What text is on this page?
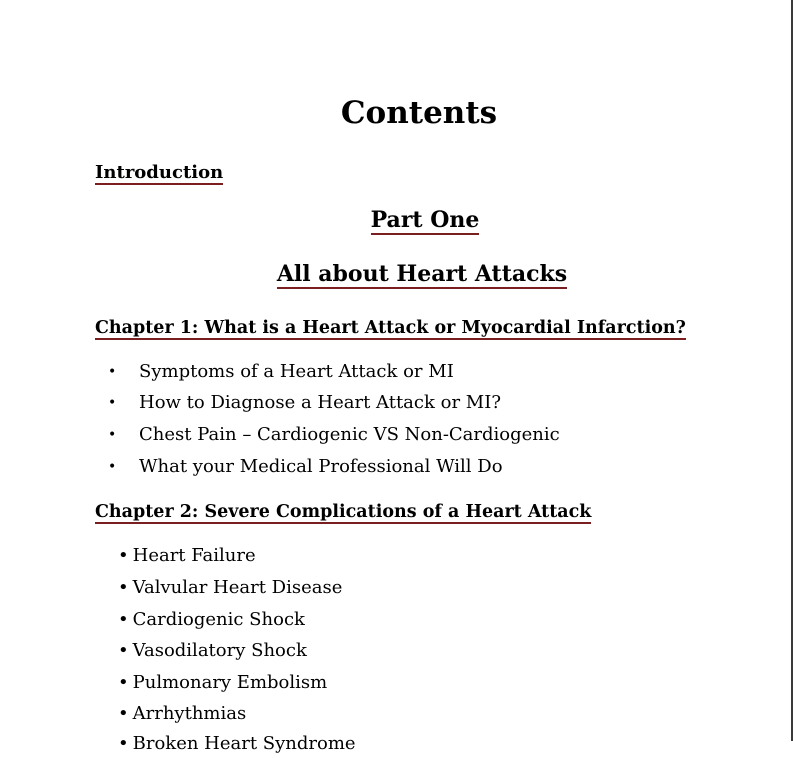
Contents
Introduction
Part One
All about Heart Attacks
Chapter 1: What is a Heart Attack or Myocardial Infarction?
• Symptoms of a Heart Attack or MI
• How to Diagnose a Heart Attack or MI?
• Chest Pain – Cardiogenic VS Non-Cardiogenic
• What your Medical Professional Will Do
Chapter 2: Severe Complications of a Heart Attack
• Heart Failure
• Valvular Heart Disease
• Cardiogenic Shock
• Vasodilatory Shock
• Pulmonary Embolism
• Arrhythmias
• Broken Heart Syndrome
